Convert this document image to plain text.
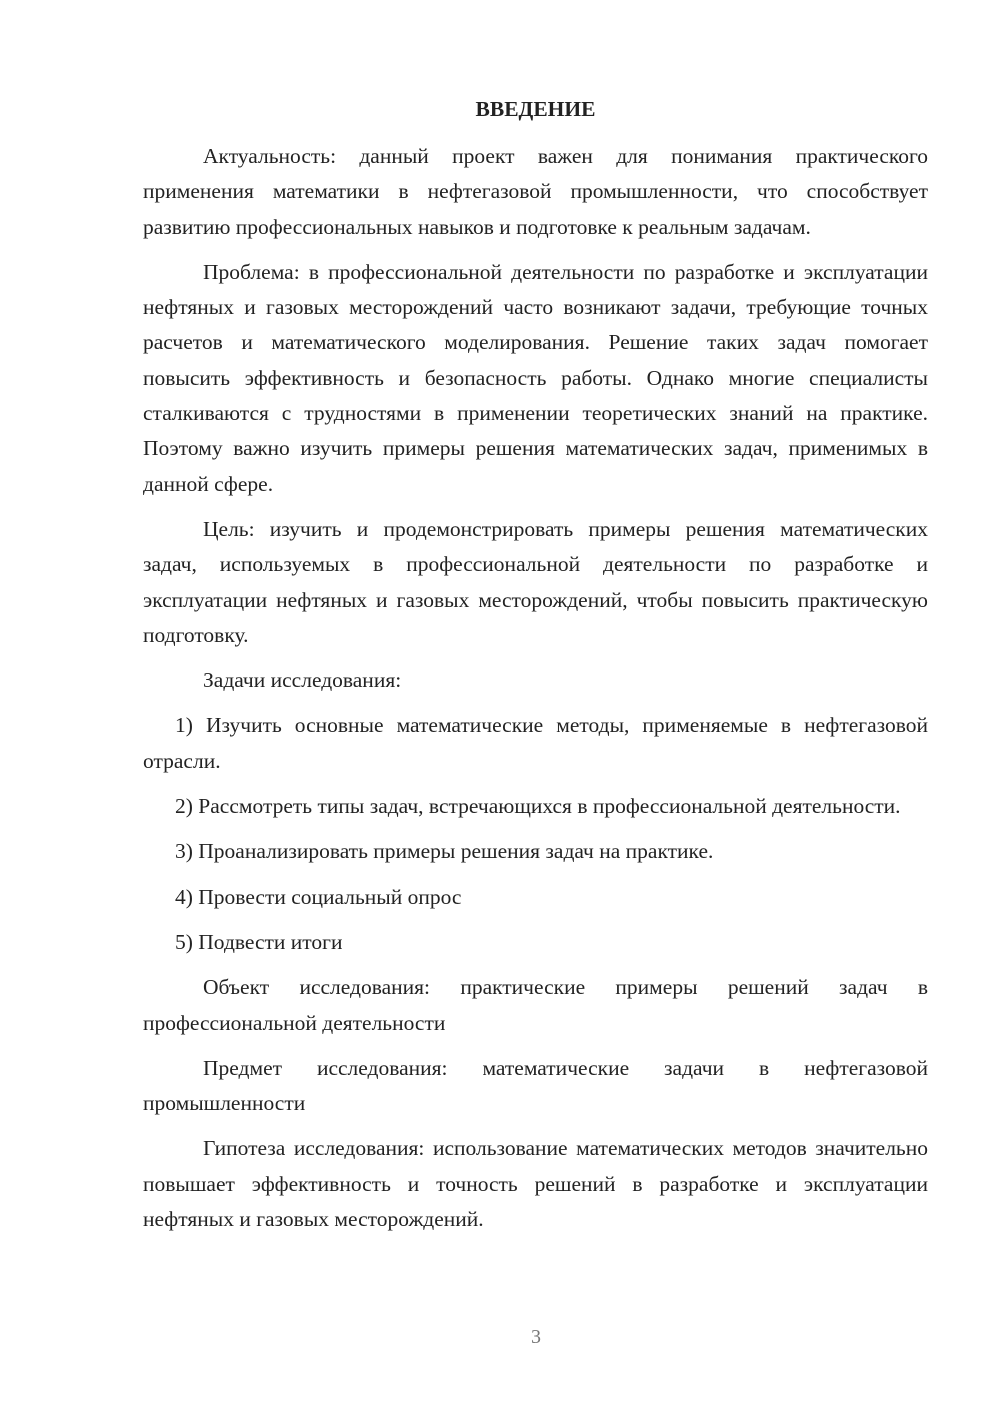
ВВЕДЕНИЕ

Актуальность: данный проект важен для понимания практического применения математики в нефтегазовой промышленности, что способствует развитию профессиональных навыков и подготовке к реальным задачам.

Проблема: в профессиональной деятельности по разработке и эксплуатации нефтяных и газовых месторождений часто возникают задачи, требующие точных расчетов и математического моделирования. Решение таких задач помогает повысить эффективность и безопасность работы. Однако многие специалисты сталкиваются с трудностями в применении теоретических знаний на практике. Поэтому важно изучить примеры решения математических задач, применимых в данной сфере.

Цель: изучить и продемонстрировать примеры решения математических задач, используемых в профессиональной деятельности по разработке и эксплуатации нефтяных и газовых месторождений, чтобы повысить практическую подготовку.

Задачи исследования:

1) Изучить основные математические методы, применяемые в нефтегазовой отрасли.

2) Рассмотреть типы задач, встречающихся в профессиональной деятельности.

3) Проанализировать примеры решения задач на практике.

4) Провести социальный опрос

5) Подвести итоги

Объект исследования: практические примеры решений задач в профессиональной деятельности

Предмет исследования: математические задачи в нефтегазовой промышленности

Гипотеза исследования: использование математических методов значительно повышает эффективность и точность решений в разработке и эксплуатации нефтяных и газовых месторождений.

3
